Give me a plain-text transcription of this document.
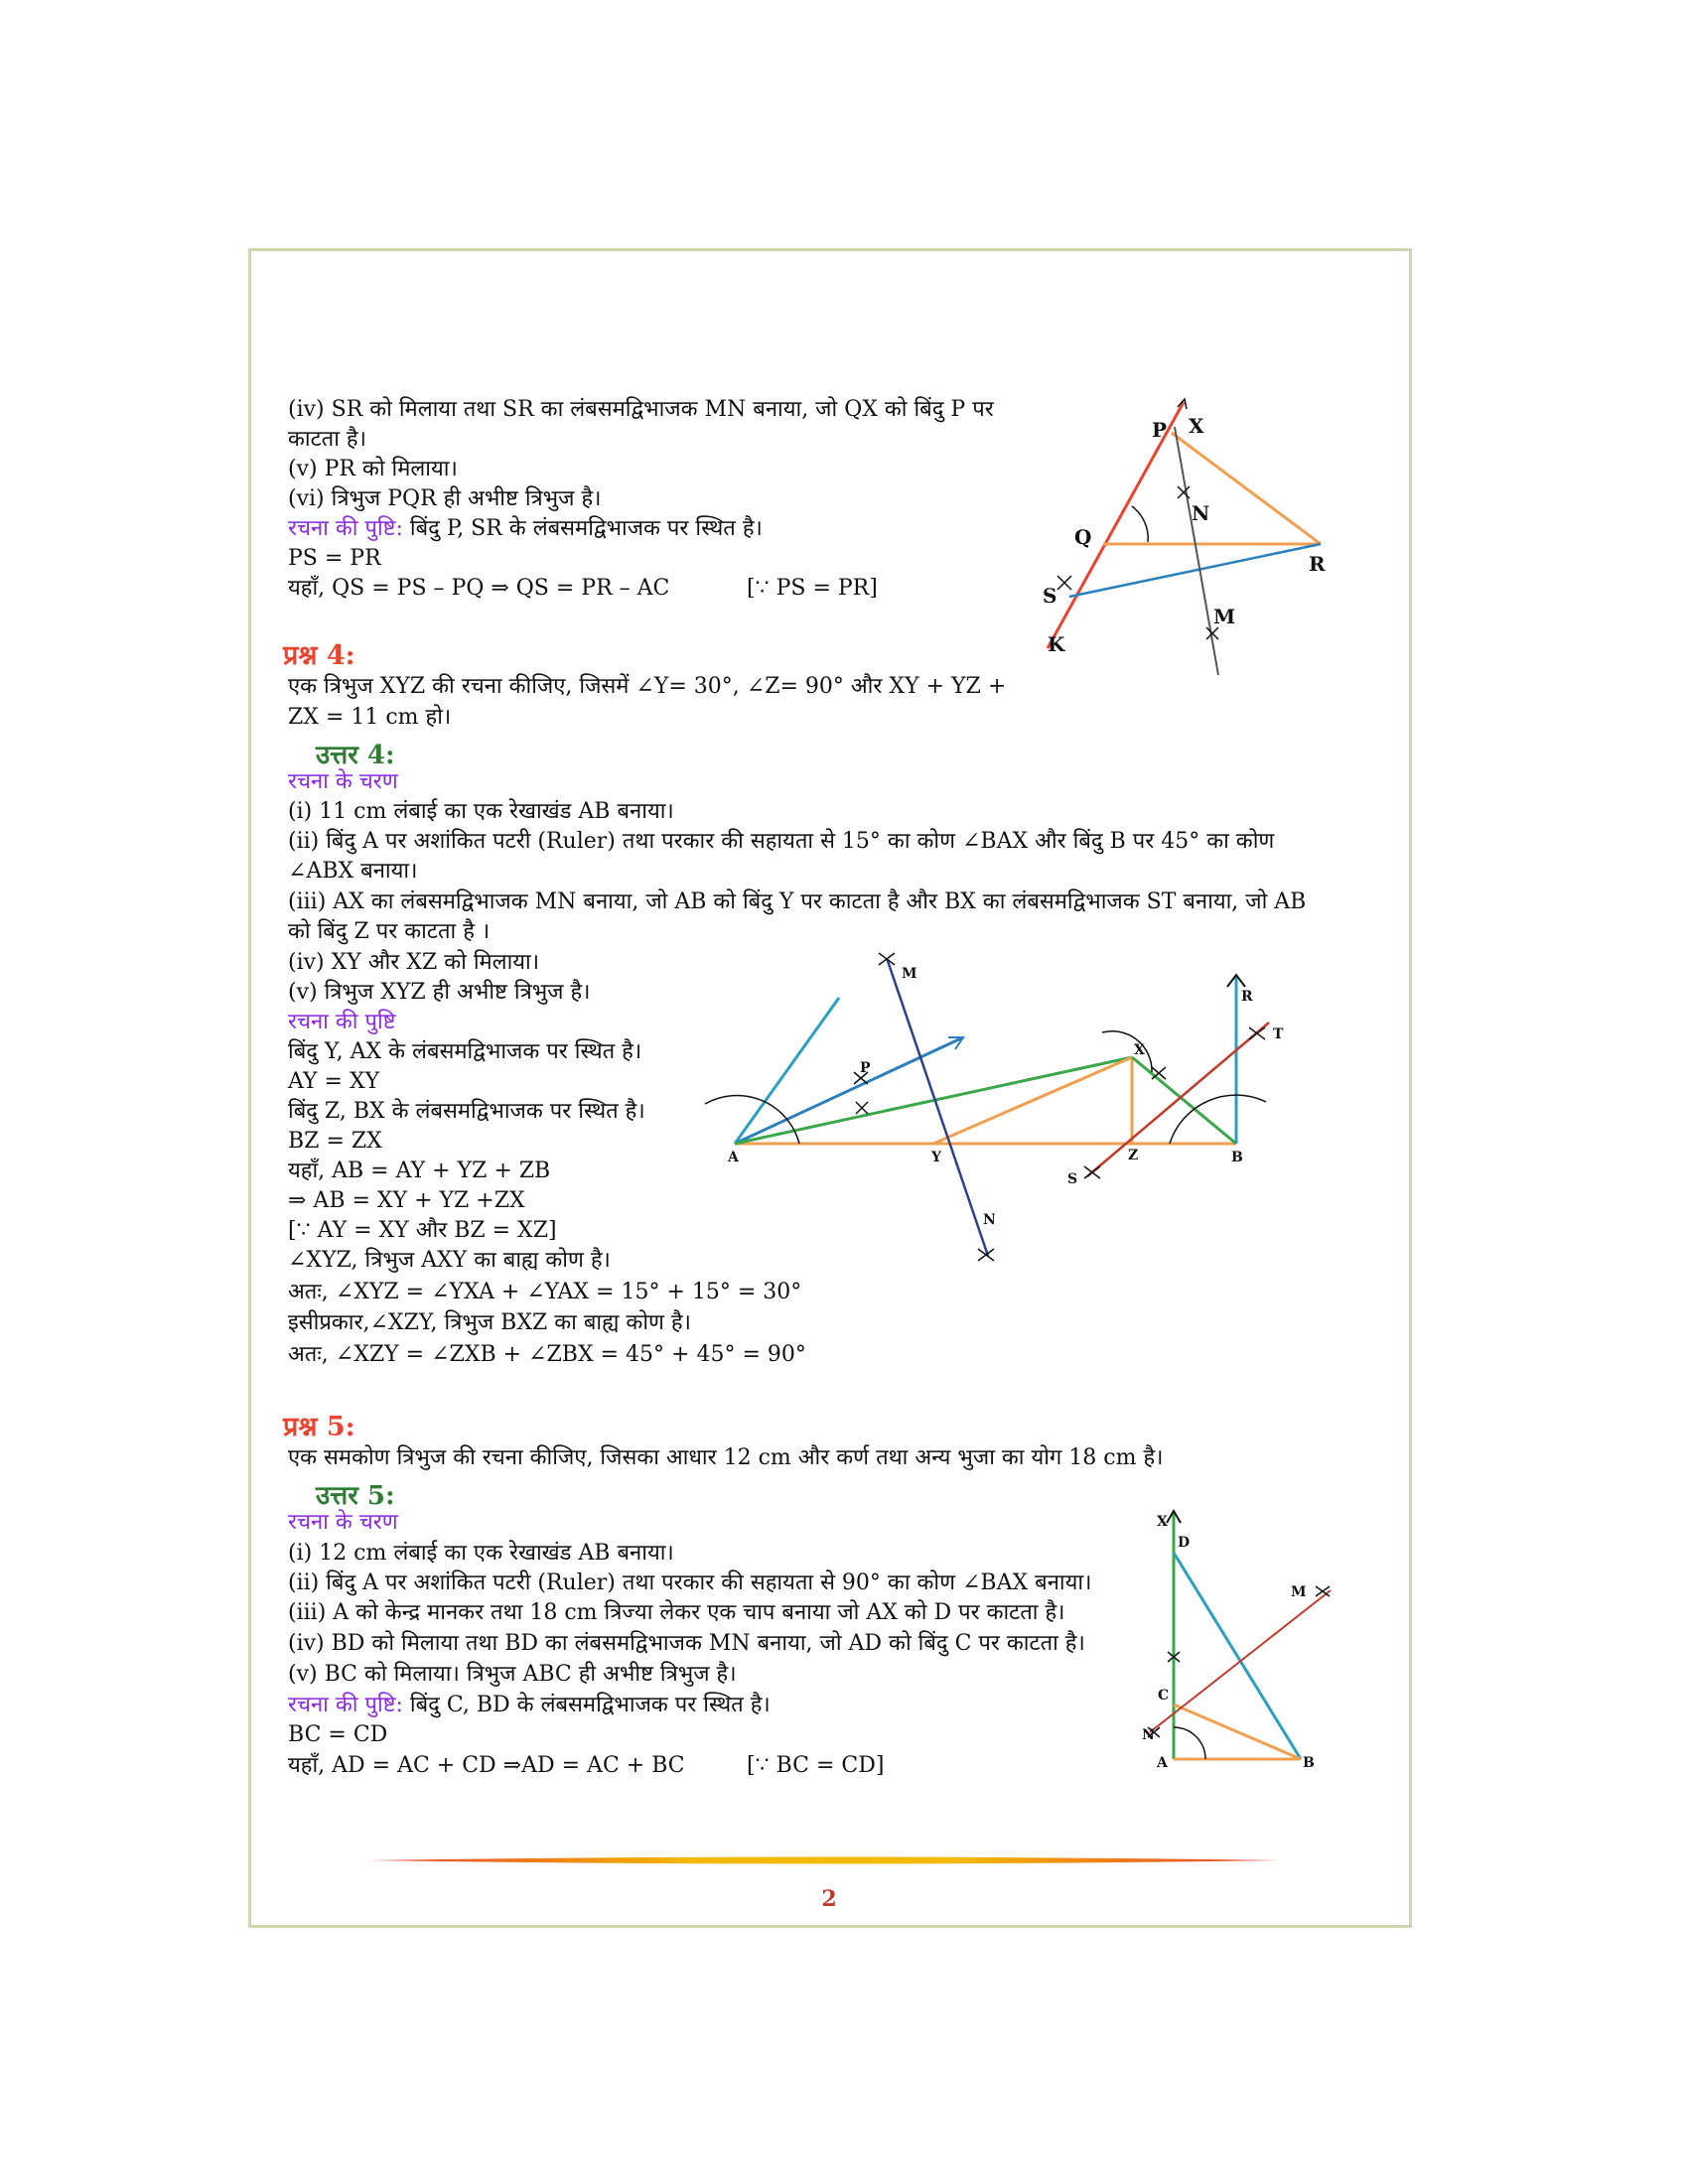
(iv) SR को मिलाया तथा SR का लंबसमद्विभाजक MN बनाया, जो QX को बिंदु P पर
काटता है।
(v) PR को मिलाया।
(vi) त्रिभुज PQR ही अभीष्ट त्रिभुज है।
रचना की पुष्टि: बिंदु P, SR के लंबसमद्विभाजक पर स्थित है।
PS = PR
यहाँ, QS = PS – PQ ⇒ QS = PR – AC	[∵ PS = PR]
P X
N
Q
R
S
M
K
प्रश्न 4:
एक त्रिभुज XYZ की रचना कीजिए, जिसमें ∠Y= 30°, ∠Z= 90° और XY + YZ +
ZX = 11 cm हो।
उत्तर 4:
रचना के चरण
(i) 11 cm लंबाई का एक रेखाखंड AB बनाया।
(ii) बिंदु A पर अशांकित पटरी (Ruler) तथा परकार की सहायता से 15° का कोण ∠BAX और बिंदु B पर 45° का कोण
∠ABX बनाया।
(iii) AX का लंबसमद्विभाजक MN बनाया, जो AB को बिंदु Y पर काटता है और BX का लंबसमद्विभाजक ST बनाया, जो AB
को बिंदु Z पर काटता है ।
(iv) XY और XZ को मिलाया।
(v) त्रिभुज XYZ ही अभीष्ट त्रिभुज है।
रचना की पुष्टि
बिंदु Y, AX के लंबसमद्विभाजक पर स्थित है।
AY = XY
बिंदु Z, BX के लंबसमद्विभाजक पर स्थित है।
BZ = ZX
यहाँ, AB = AY + YZ + ZB
⇒ AB = XY + YZ +ZX
[∵ AY = XY और BZ = XZ]
∠XYZ, त्रिभुज AXY का बाह्य कोण है।
अतः, ∠XYZ = ∠YXA + ∠YAX = 15° + 15° = 30°
इसीप्रकार,∠XZY, त्रिभुज BXZ का बाह्य कोण है।
अतः, ∠XZY = ∠ZXB + ∠ZBX = 45° + 45° = 90°
M
R
T
P
X
A	Y	Z	B
S
N
प्रश्न 5:
एक समकोण त्रिभुज की रचना कीजिए, जिसका आधार 12 cm और कर्ण तथा अन्य भुजा का योग 18 cm है।
उत्तर 5:
रचना के चरण
(i) 12 cm लंबाई का एक रेखाखंड AB बनाया।
(ii) बिंदु A पर अशांकित पटरी (Ruler) तथा परकार की सहायता से 90° का कोण ∠BAX बनाया।
(iii) A को केन्द्र मानकर तथा 18 cm त्रिज्या लेकर एक चाप बनाया जो AX को D पर काटता है।
(iv) BD को मिलाया तथा BD का लंबसमद्विभाजक MN बनाया, जो AD को बिंदु C पर काटता है।
(v) BC को मिलाया। त्रिभुज ABC ही अभीष्ट त्रिभुज है।
रचना की पुष्टि: बिंदु C, BD के लंबसमद्विभाजक पर स्थित है।
BC = CD
यहाँ, AD = AC + CD ⇒AD = AC + BC	[∵ BC = CD]
X
D
M
C
N
A	B
2
